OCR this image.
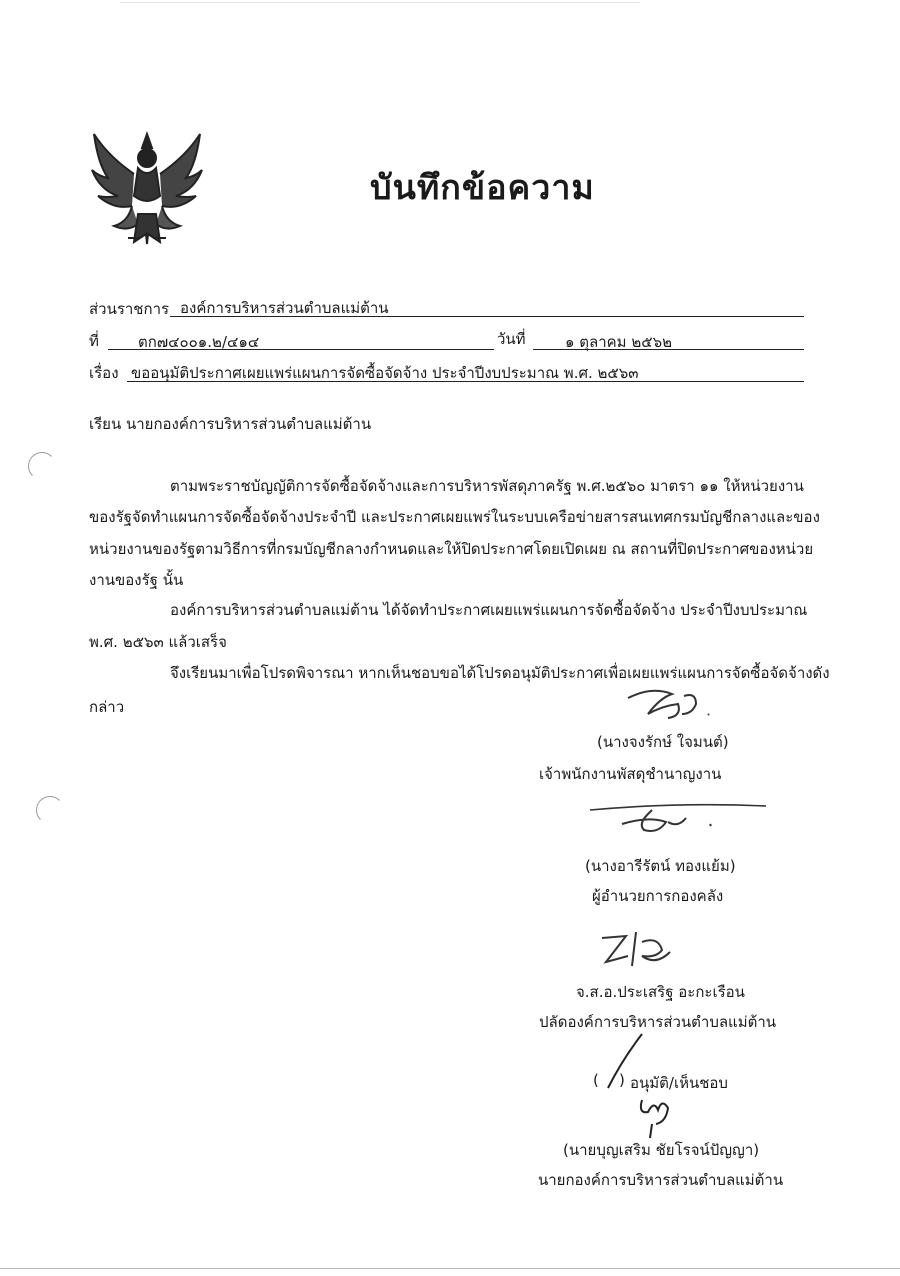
บันทึกข้อความ
ส่วนราชการ องค์การบริหารส่วนตำบลแม่ต้าน
ที่	ตก๗๔๐๐๑.๒/๔๑๔	วันที่	๑ ตุลาคม ๒๕๖๒
เรื่อง ขออนุมัติประกาศเผยแพร่แผนการจัดซื้อจัดจ้าง ประจำปีงบประมาณ พ.ศ. ๒๕๖๓
เรียน นายกองค์การบริหารส่วนตำบลแม่ต้าน
ตามพระราชบัญญัติการจัดซื้อจัดจ้างและการบริหารพัสดุภาครัฐ พ.ศ.๒๕๖๐ มาตรา ๑๑ ให้หน่วยงาน
ของรัฐจัดทำแผนการจัดซื้อจัดจ้างประจำปี และประกาศเผยแพร่ในระบบเครือข่ายสารสนเทศกรมบัญชีกลางและของ
หน่วยงานของรัฐตามวิธีการที่กรมบัญชีกลางกำหนดและให้ปิดประกาศโดยเปิดเผย ณ สถานที่ปิดประกาศของหน่วย
งานของรัฐ นั้น
องค์การบริหารส่วนตำบลแม่ต้าน ได้จัดทำประกาศเผยแพร่แผนการจัดซื้อจัดจ้าง ประจำปีงบประมาณ
พ.ศ. ๒๕๖๓ แล้วเสร็จ
จึงเรียนมาเพื่อโปรดพิจารณา หากเห็นชอบขอได้โปรดอนุมัติประกาศเพื่อเผยแพร่แผนการจัดซื้อจัดจ้างดัง
กล่าว
(นางจงรักษ์ ใจมนต์)
เจ้าพนักงานพัสดุชำนาญงาน
(นางอารีรัตน์ ทองแย้ม)
ผู้อำนวยการกองคลัง
จ.ส.อ.ประเสริฐ อะกะเรือน
ปลัดองค์การบริหารส่วนตำบลแม่ต้าน
( ) อนุมัติ/เห็นชอบ
(นายบุญเสริม ชัยโรจน์ปัญญา)
นายกองค์การบริหารส่วนตำบลแม่ต้าน
